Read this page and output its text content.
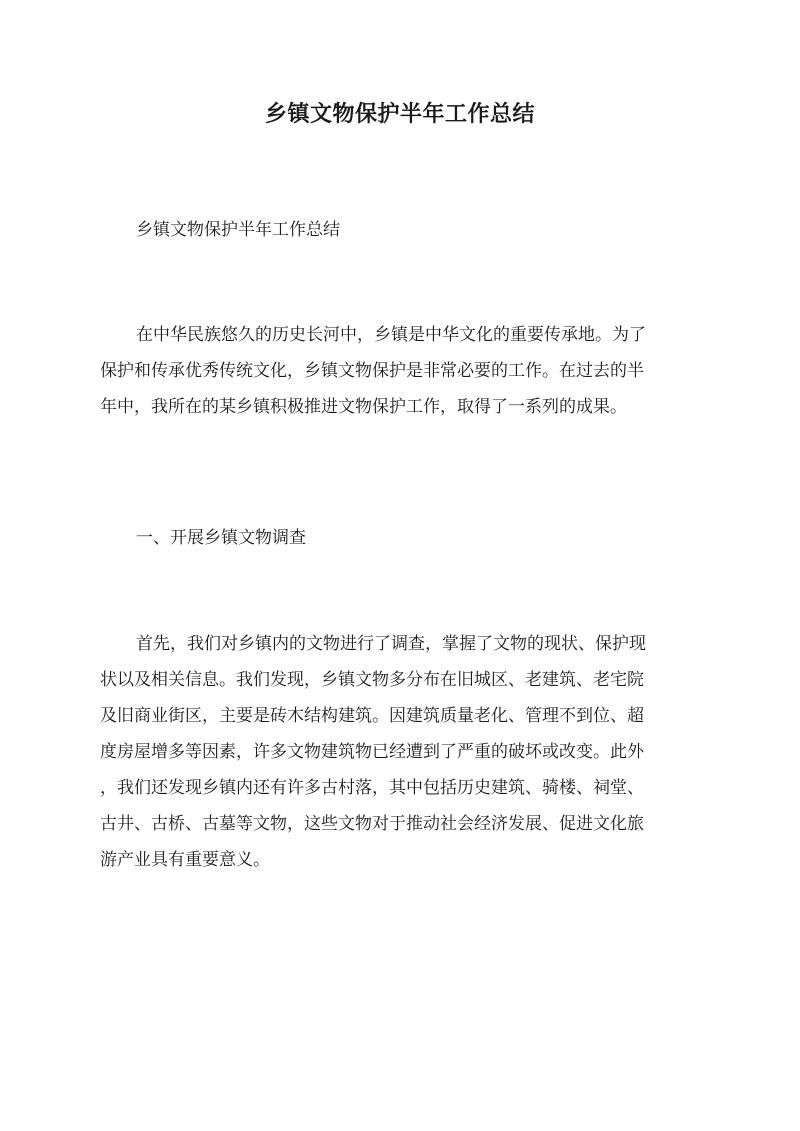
乡镇文物保护半年工作总结
乡镇文物保护半年工作总结
在中华民族悠久的历史长河中，乡镇是中华文化的重要传承地。为了
保护和传承优秀传统文化，乡镇文物保护是非常必要的工作。在过去的半
年中，我所在的某乡镇积极推进文物保护工作，取得了一系列的成果。
一、开展乡镇文物调查
首先，我们对乡镇内的文物进行了调查，掌握了文物的现状、保护现
状以及相关信息。我们发现，乡镇文物多分布在旧城区、老建筑、老宅院
及旧商业街区，主要是砖木结构建筑。因建筑质量老化、管理不到位、超
度房屋增多等因素，许多文物建筑物已经遭到了严重的破坏或改变。此外
，我们还发现乡镇内还有许多古村落，其中包括历史建筑、骑楼、祠堂、
古井、古桥、古墓等文物，这些文物对于推动社会经济发展、促进文化旅
游产业具有重要意义。
